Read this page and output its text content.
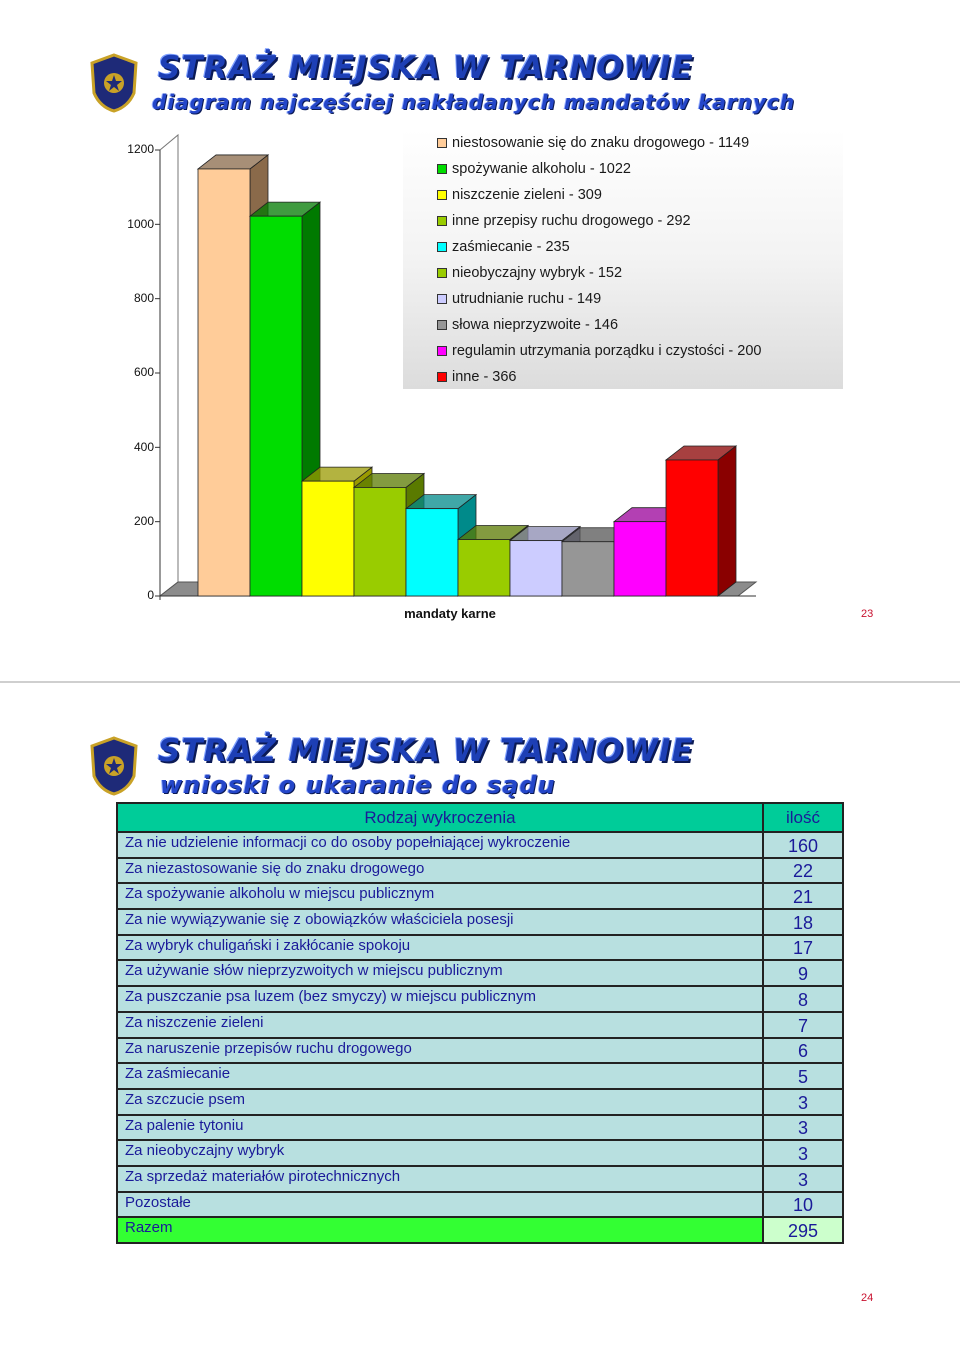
STRAŻ MIEJSKA W TARNOWIE
diagram najczęściej nakładanych mandatów karnych
0
200
400
600
800
1000
1200	niestosowanie się do znaku drogowego - 1149
spożywanie alkoholu - 1022
niszczenie zieleni - 309
inne przepisy ruchu drogowego - 292
zaśmiecanie - 235
nieobyczajny wybryk - 152
utrudnianie ruchu - 149
słowa nieprzyzwoite - 146
regulamin utrzymania porządku i czystości - 200
inne - 366
mandaty karne	23
STRAŻ MIEJSKA W TARNOWIE
wnioski o ukaranie do sądu
Rodzaj wykroczenia	ilość
Za nie udzielenie informacji co do osoby popełniającej wykroczenie	160
Za niezastosowanie się do znaku drogowego	22
Za spożywanie alkoholu w miejscu publicznym	21
Za nie wywiązywanie się z obowiązków właściciela posesji	18
Za wybryk chuligański i zakłócanie spokoju	17
Za używanie słów nieprzyzwoitych w miejscu publicznym	9
Za puszczanie psa luzem (bez smyczy) w miejscu publicznym	8
Za niszczenie zieleni	7
Za naruszenie przepisów ruchu drogowego	6
Za zaśmiecanie	5
Za szczucie psem	3
Za palenie tytoniu	3
Za nieobyczajny wybryk	3
Za sprzedaż materiałów pirotechnicznych	3
Pozostałe	10
Razem	295
24
